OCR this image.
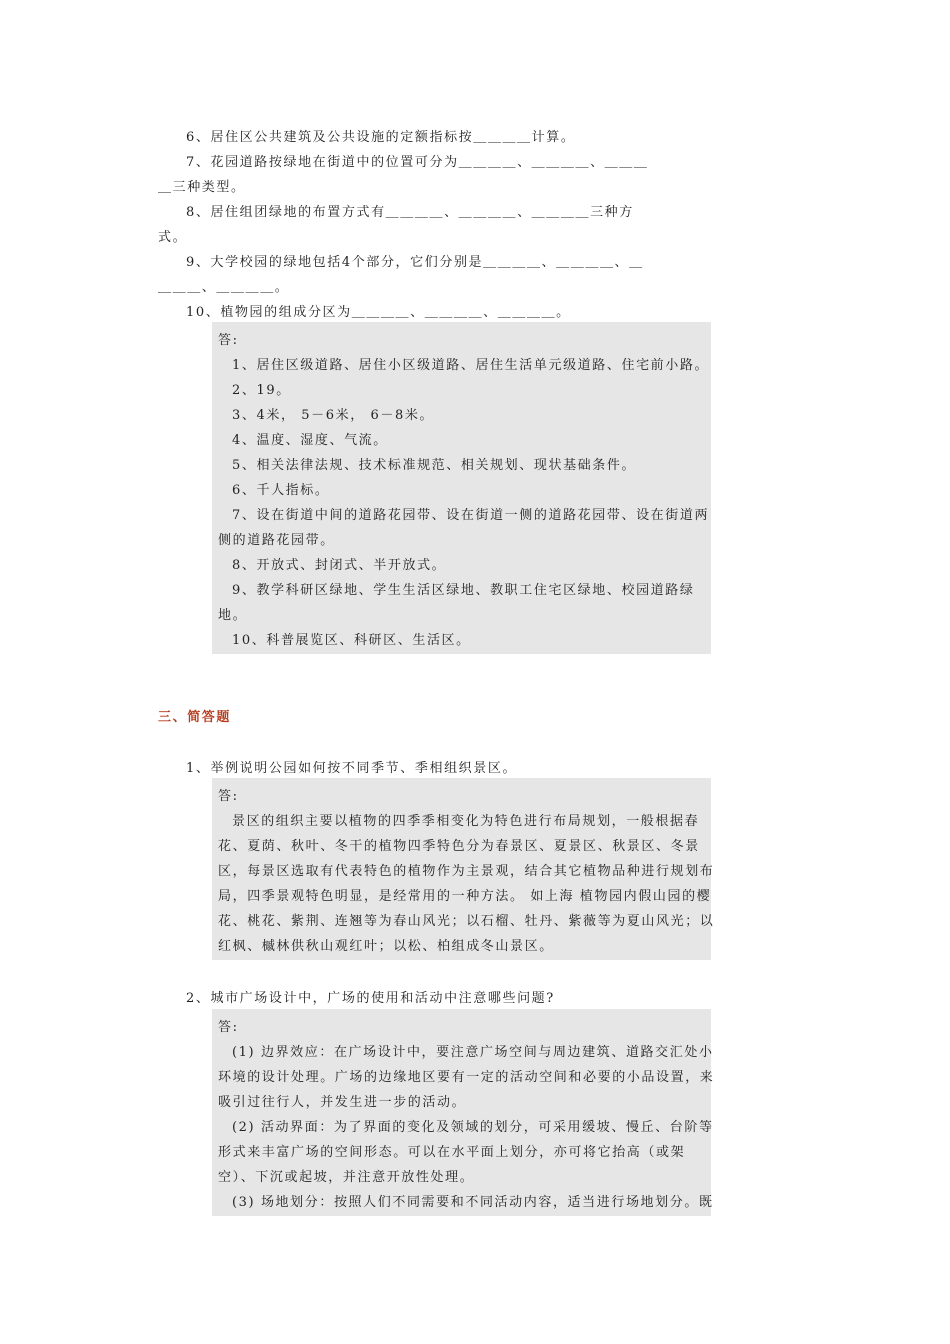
6、居住区公共建筑及公共设施的定额指标按＿＿＿＿计算。
7、花园道路按绿地在街道中的位置可分为＿＿＿＿、＿＿＿＿、＿＿＿
＿三种类型。
8、居住组团绿地的布置方式有＿＿＿＿、＿＿＿＿、＿＿＿＿三种方
式。
9、大学校园的绿地包括4个部分，它们分别是＿＿＿＿、＿＿＿＿、＿
＿＿＿、＿＿＿＿。
10、植物园的组成分区为＿＿＿＿、＿＿＿＿、＿＿＿＿。
答:
1、居住区级道路、居住小区级道路、居住生活单元级道路、住宅前小路。
2、19。
3、4米， 5－6米， 6－8米。
4、温度、湿度、气流。
5、相关法律法规、技术标准规范、相关规划、现状基础条件。
6、千人指标。
7、设在街道中间的道路花园带、设在街道一侧的道路花园带、设在街道两
侧的道路花园带。
8、开放式、封闭式、半开放式。
9、教学科研区绿地、学生生活区绿地、教职工住宅区绿地、校园道路绿
地。
10、科普展览区、科研区、生活区。
三、简答题
1、举例说明公园如何按不同季节、季相组织景区。
答:
景区的组织主要以植物的四季季相变化为特色进行布局规划，一般根据春
花、夏荫、秋叶、冬干的植物四季特色分为春景区、夏景区、秋景区、冬景
区，每景区选取有代表特色的植物作为主景观，结合其它植物品种进行规划布
局，四季景观特色明显，是经常用的一种方法。 如上海 植物园内假山园的樱
花、桃花、紫荆、连翘等为春山风光；以石榴、牡丹、紫薇等为夏山风光；以
红枫、槭林供秋山观红叶；以松、柏组成冬山景区。
2、城市广场设计中，广场的使用和活动中注意哪些问题?
答:
(1) 边界效应：在广场设计中，要注意广场空间与周边建筑、道路交汇处小
环境的设计处理。广场的边缘地区要有一定的活动空间和必要的小品设置，来
吸引过往行人，并发生进一步的活动。
(2) 活动界面：为了界面的变化及领域的划分，可采用缓坡、慢丘、台阶等
形式来丰富广场的空间形态。可以在水平面上划分，亦可将它抬高（或架
空）、下沉或起坡，并注意开放性处理。
(3) 场地划分：按照人们不同需要和不同活动内容，适当进行场地划分。既
